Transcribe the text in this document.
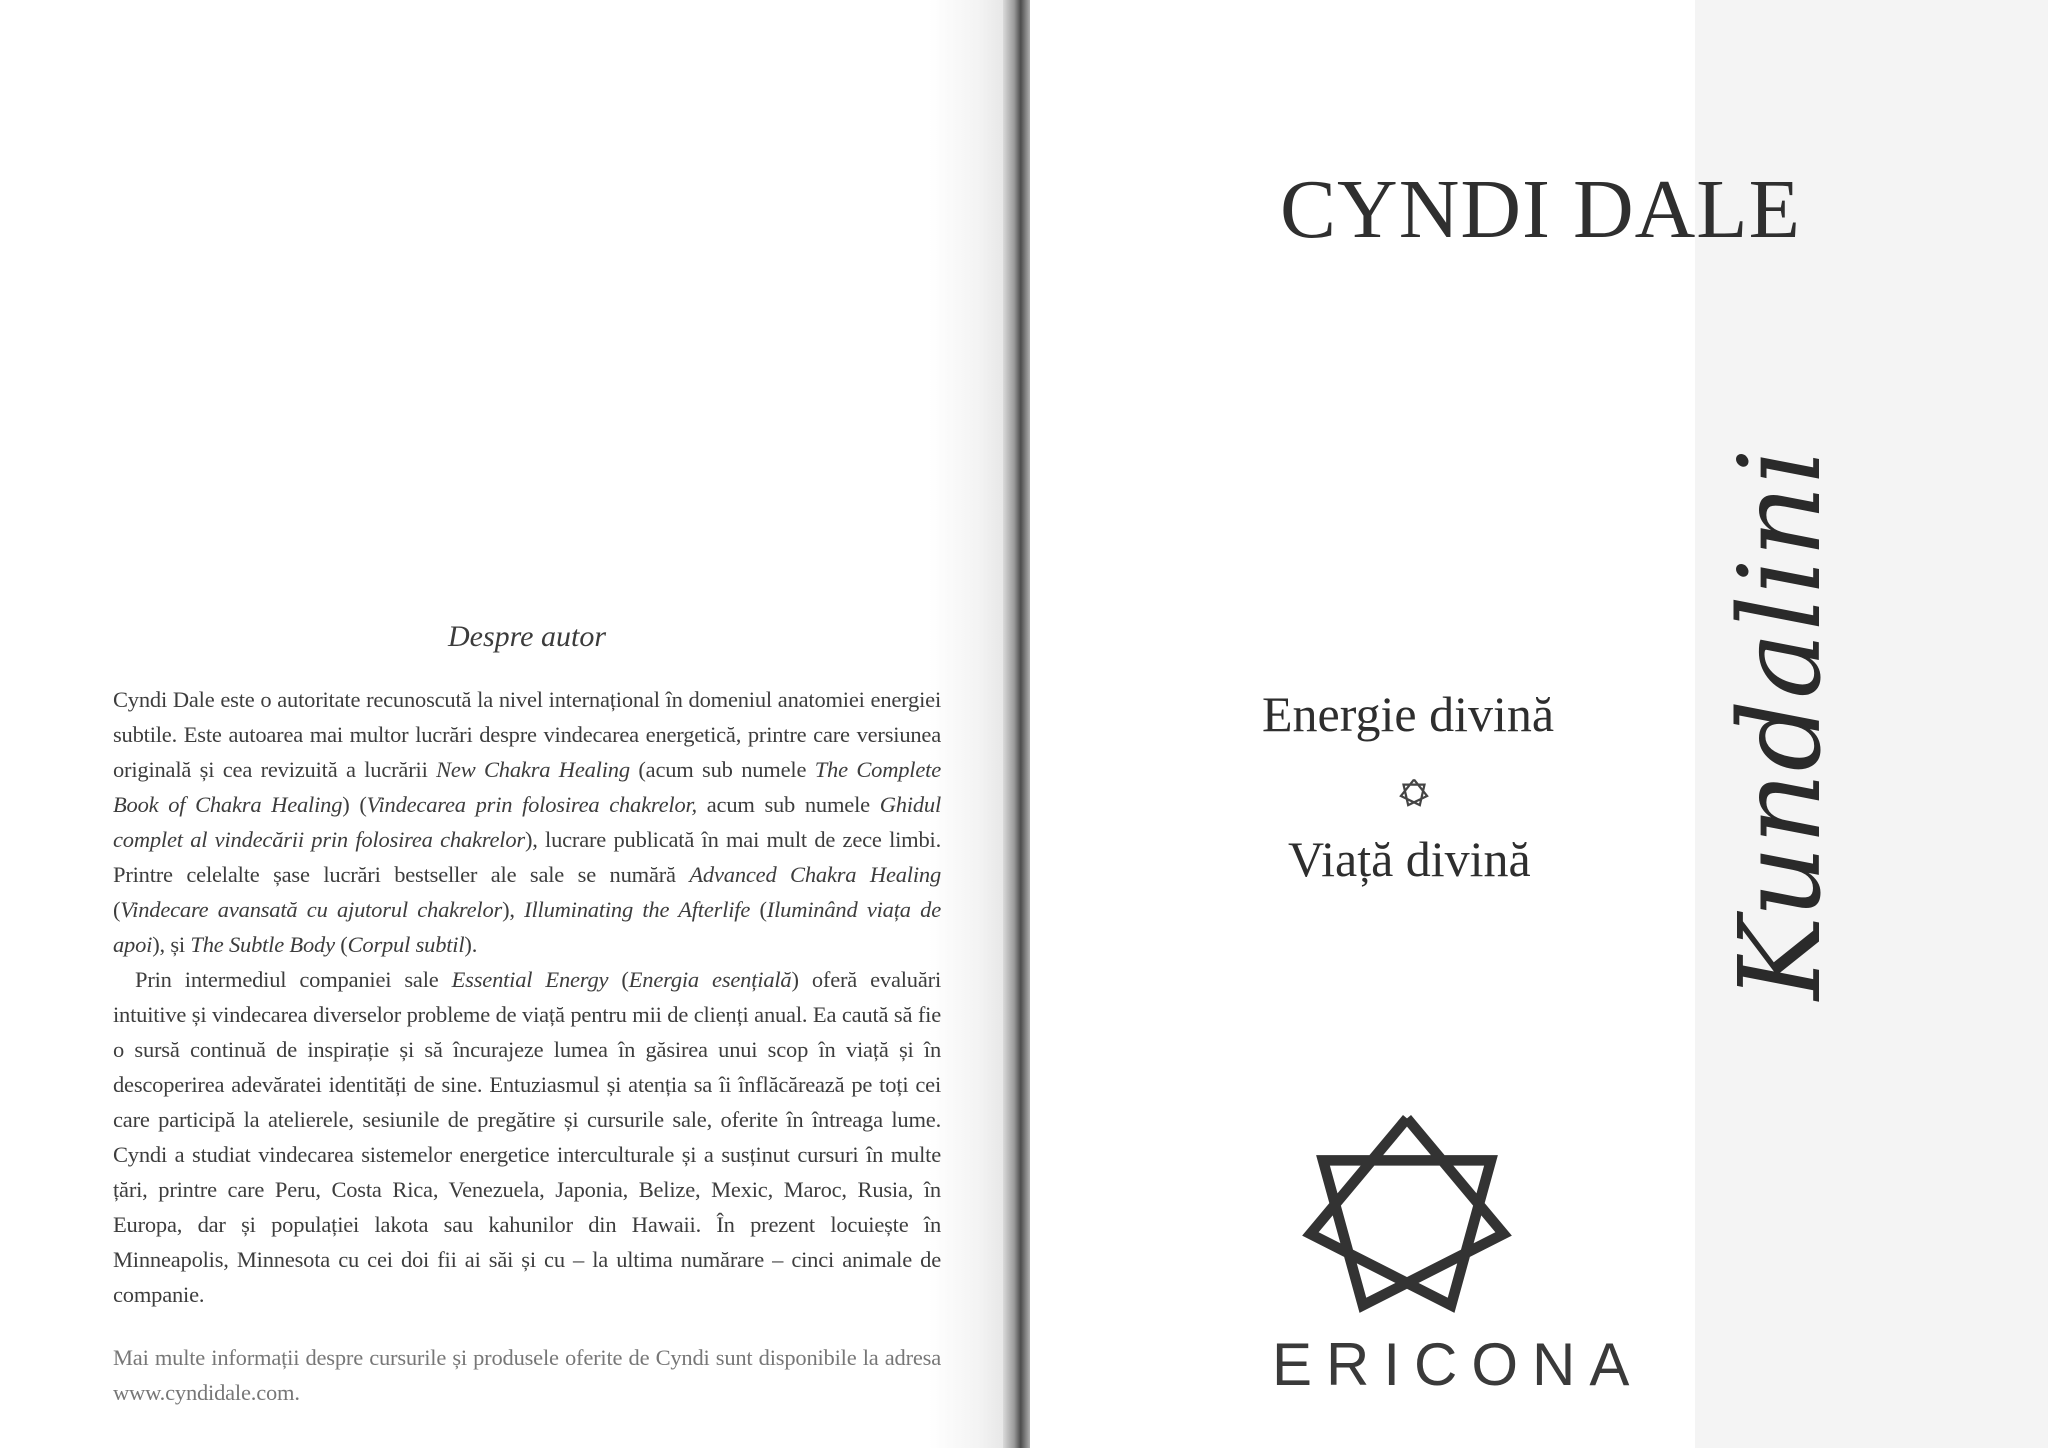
Despre autor

Cyndi Dale este o autoritate recunoscută la nivel internațional în domeniul anatomiei energiei subtile. Este autoarea mai multor lucrări despre vindecarea energetică, printre care versiunea originală și cea revizuită a lucrării New Chakra Healing (acum sub numele The Complete Book of Chakra Healing) (Vindecarea prin folosirea chakrelor, acum sub numele Ghidul complet al vindecării prin folosirea chakrelor), lucrare publicată în mai mult de zece limbi. Printre celelalte șase lucrări bestseller ale sale se numără Advanced Chakra Healing (Vindecare avansată cu ajutorul chakrelor), Illuminating the Afterlife (Iluminând viața de apoi), și The Subtle Body (Corpul subtil).

Prin intermediul companiei sale Essential Energy (Energia esențială) oferă evaluări intuitive și vindecarea diverselor probleme de viață pentru mii de clienți anual. Ea caută să fie o sursă continuă de inspirație și să încurajeze lumea în găsirea unui scop în viață și în descoperirea adevăratei identități de sine. Entuziasmul și atenția sa îi înflăcărează pe toți cei care participă la atelierele, sesiunile de pregătire și cursurile sale, oferite în întreaga lume. Cyndi a studiat vindecarea sistemelor energetice interculturale și a susținut cursuri în multe țări, printre care Peru, Costa Rica, Venezuela, Japonia, Belize, Mexic, Maroc, Rusia, în Europa, dar și populației lakota sau kahunilor din Hawaii. În prezent locuiește în Minneapolis, Minnesota cu cei doi fii ai săi și cu – la ultima numărare – cinci animale de companie.

Mai multe informații despre cursurile și produsele oferite de Cyndi sunt disponibile la adresa www.cyndidale.com.

CYNDI DALE
Kundalini
Energie divină
Viață divină
ERICONA
